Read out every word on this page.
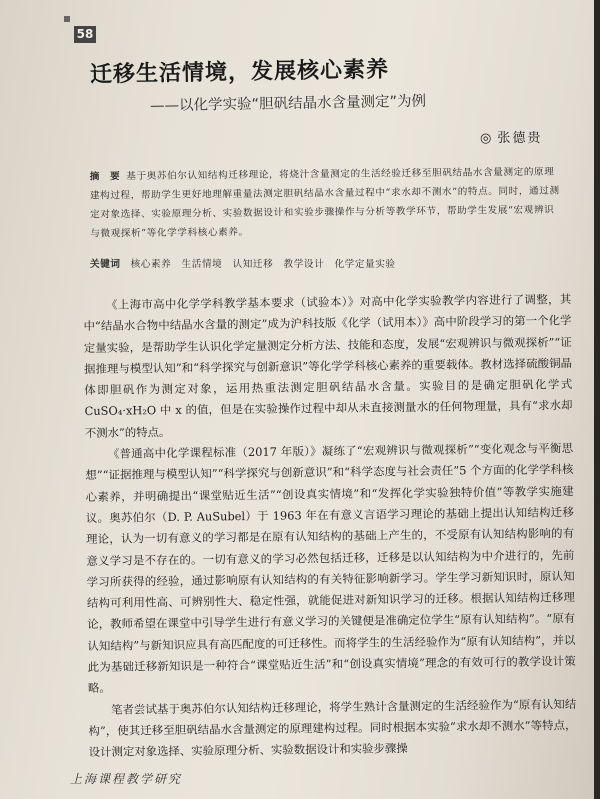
58
迁移生活情境，发展核心素养
——以化学实验“胆矾结晶水含量测定”为例
◎ 张德贵
摘　要 基于奥苏伯尔认知结构迁移理论，将烧汁含量测定的生活经验迁移至胆矾结晶水含量测定的原理建构过程，帮助学生更好地理解重量法测定胆矾结晶水含量过程中“求水却不测水”的特点。同时，通过测定对象选择、实验原理分析、实验数据设计和实验步骤操作与分析等教学环节，帮助学生发展“宏观辨识与微观探析”等化学学科核心素养。
关键词 核心素养　生活情境　认知迁移　教学设计　化学定量实验

《上海市高中化学学科教学基本要求（试验本）》对高中化学实验教学内容进行了调整，其中“结晶水合物中结晶水含量的测定”成为沪科技版《化学（试用本）》高中阶段学习的第一个化学定量实验，是帮助学生认识化学定量测定分析方法、技能和态度，发展“宏观辨识与微观探析”“证据推理与模型认知”和“科学探究与创新意识”等化学学科核心素养的重要载体。教材选择硫酸铜晶体即胆矾作为测定对象，运用热重法测定胆矾结晶水含量。实验目的是确定胆矾化学式 CuSO₄·xH₂O 中 x 的值，但是在实验操作过程中却从未直接测量水的任何物理量，具有“求水却不测水”的特点。

《普通高中化学课程标准（2017 年版）》凝练了“宏观辨识与微观探析”“变化观念与平衡思想”“证据推理与模型认知”“科学探究与创新意识”和“科学态度与社会责任”5 个方面的化学学科核心素养，并明确提出“课堂贴近生活”“创设真实情境”和“发挥化学实验独特价值”等教学实施建议。奥苏伯尔（D. P. AuSubel）于 1963 年在有意义言语学习理论的基础上提出认知结构迁移理论，认为一切有意义的学习都是在原有认知结构的基础上产生的，不受原有认知结构影响的有意义学习是不存在的。一切有意义的学习必然包括迁移，迁移是以认知结构为中介进行的，先前学习所获得的经验，通过影响原有认知结构的有关特征影响新学习。学生学习新知识时，原认知结构可利用性高、可辨别性大、稳定性强，就能促进对新知识学习的迁移。根据认知结构迁移理论，教师希望在课堂中引导学生进行有意义学习的关键便是准确定位学生“原有认知结构”。“原有认知结构”与新知识应具有高匹配度的可迁移性。而将学生的生活经验作为“原有认知结构”，并以此为基础迁移新知识是一种符合“课堂贴近生活”和“创设真实情境”理念的有效可行的教学设计策略。

笔者尝试基于奥苏伯尔认知结构迁移理论，将学生熟计含量测定的生活经验作为“原有认知结构”，使其迁移至胆矾结晶水含量测定的原理建构过程。同时根据本实验“求水却不测水”等特点，设计测定对象选择、实验原理分析、实验数据设计和实验步骤操

上海课程教学研究
